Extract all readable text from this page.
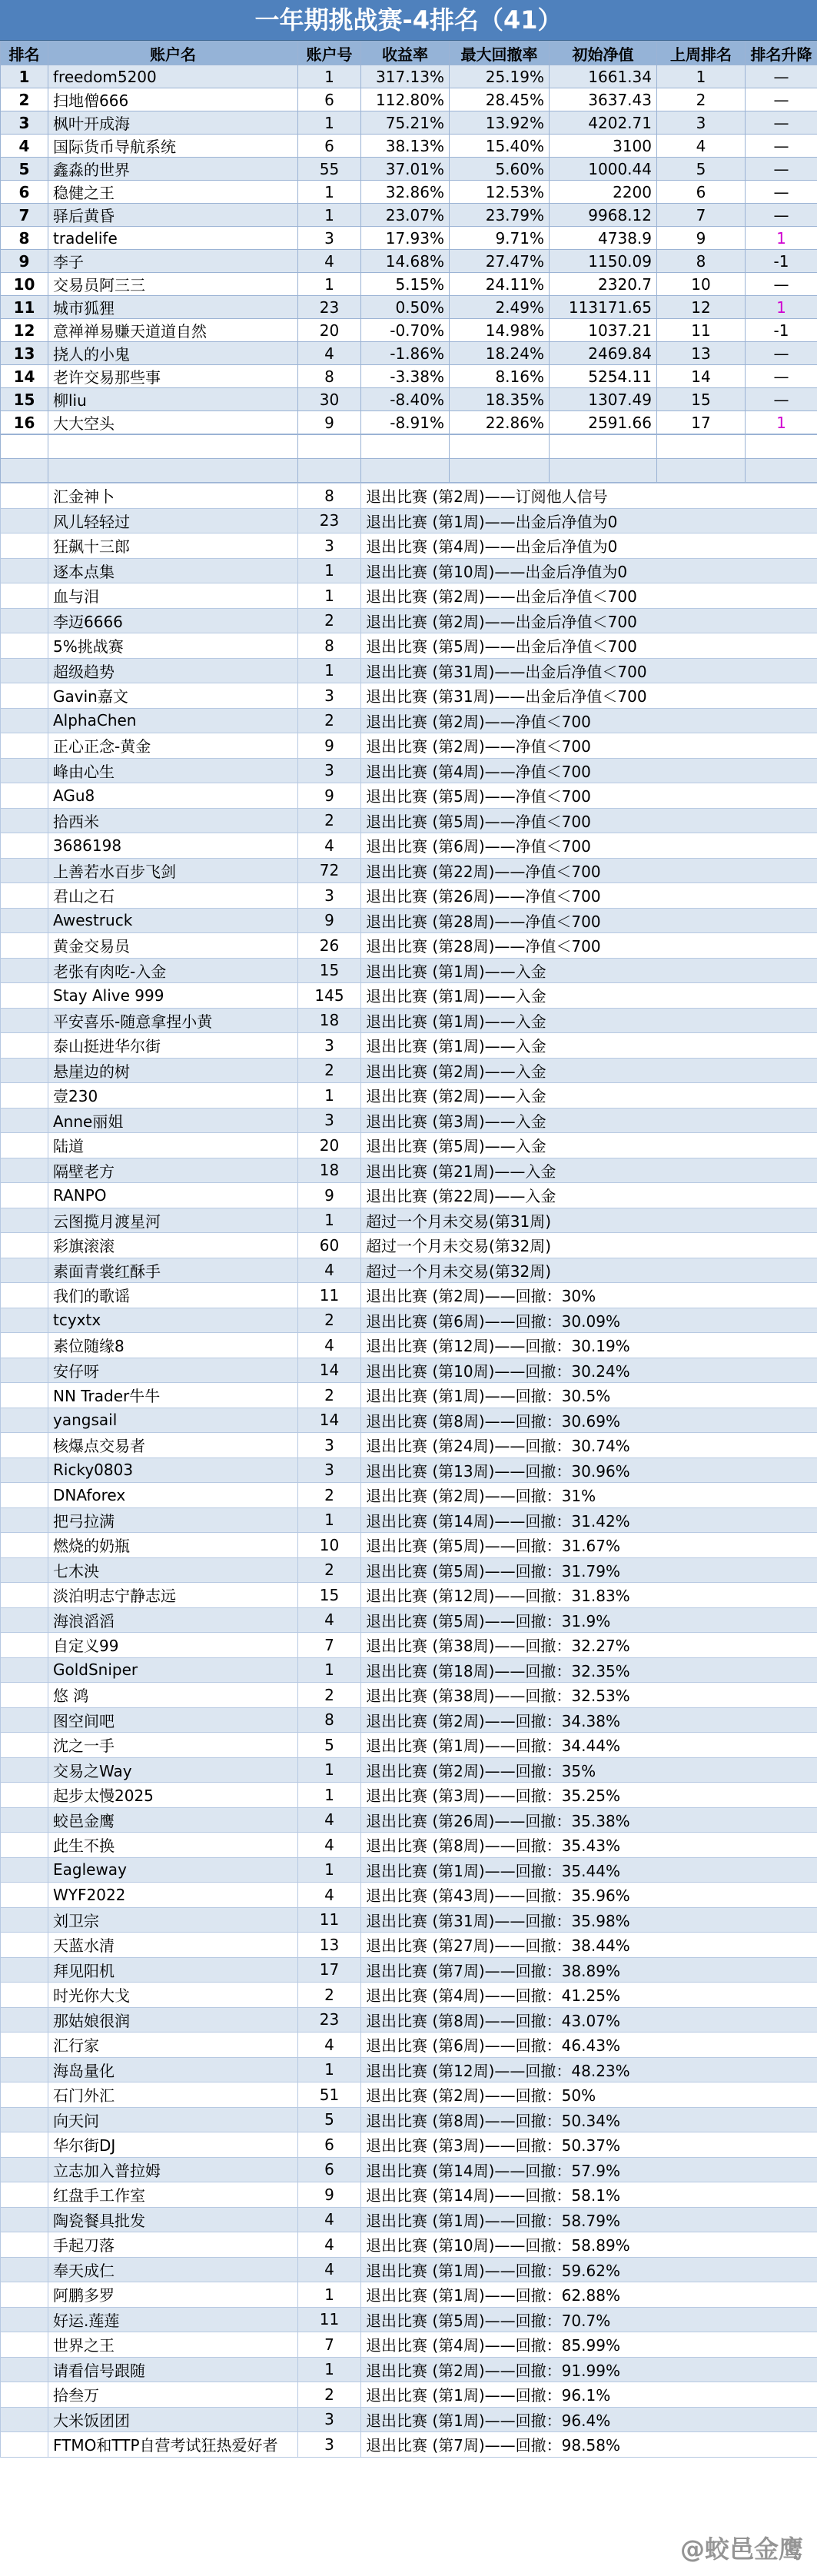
一年期挑战赛-4排名（41）
排名	账户名	账户号	收益率	最大回撤率	初始净值	上周排名	排名升降
1	freedom5200	1	317.13%	25.19%	1661.34	1	—
2	扫地僧666	6	112.80%	28.45%	3637.43	2	—
3	枫叶开成海	1	75.21%	13.92%	4202.71	3	—
4	国际货币导航系统	6	38.13%	15.40%	3100	4	—
5	鑫淼的世界	55	37.01%	5.60%	1000.44	5	—
6	稳健之王	1	32.86%	12.53%	2200	6	—
7	驿后黄昏	1	23.07%	23.79%	9968.12	7	—
8	tradelife	3	17.93%	9.71%	4738.9	9	1
9	李子	4	14.68%	27.47%	1150.09	8	-1
10	交易员阿三三	1	5.15%	24.11%	2320.7	10	—
11	城市狐狸	23	0.50%	2.49%	113171.65	12	1
12	意禅禅易赚天道道自然	20	-0.70%	14.98%	1037.21	11	-1
13	挠人的小鬼	4	-1.86%	18.24%	2469.84	13	—
14	老许交易那些事	8	-3.38%	8.16%	5254.11	14	—
15	柳liu	30	-8.40%	18.35%	1307.49	15	—
16	大大空头	9	-8.91%	22.86%	2591.66	17	1

	汇金神卜	8	退出比赛 (第2周)——订阅他人信号
	风儿轻轻过	23	退出比赛 (第1周)——出金后净值为0
	狂飙十三郎	3	退出比赛 (第4周)——出金后净值为0
	逐本点集	1	退出比赛 (第10周)——出金后净值为0
	血与泪	1	退出比赛 (第2周)——出金后净值＜700
	李迈6666	2	退出比赛 (第2周)——出金后净值＜700
	5%挑战赛	8	退出比赛 (第5周)——出金后净值＜700
	超级趋势	1	退出比赛 (第31周)——出金后净值＜700
	Gavin嘉文	3	退出比赛 (第31周)——出金后净值＜700
	AlphaChen	2	退出比赛 (第2周)——净值＜700
	正心正念-黄金	9	退出比赛 (第2周)——净值＜700
	峰由心生	3	退出比赛 (第4周)——净值＜700
	AGu8	9	退出比赛 (第5周)——净值＜700
	拾西米	2	退出比赛 (第5周)——净值＜700
	3686198	4	退出比赛 (第6周)——净值＜700
	上善若水百步飞剑	72	退出比赛 (第22周)——净值＜700
	君山之石	3	退出比赛 (第26周)——净值＜700
	Awestruck	9	退出比赛 (第28周)——净值＜700
	黄金交易员	26	退出比赛 (第28周)——净值＜700
	老张有肉吃-入金	15	退出比赛 (第1周)——入金
	Stay Alive 999	145	退出比赛 (第1周)——入金
	平安喜乐-随意拿捏小黄	18	退出比赛 (第1周)——入金
	泰山挺进华尔街	3	退出比赛 (第1周)——入金
	悬崖边的树	2	退出比赛 (第2周)——入金
	壹230	1	退出比赛 (第2周)——入金
	Anne丽姐	3	退出比赛 (第3周)——入金
	陆道	20	退出比赛 (第5周)——入金
	隔壁老方	18	退出比赛 (第21周)——入金
	RANPO	9	退出比赛 (第22周)——入金
	云图揽月渡星河	1	超过一个月未交易(第31周)
	彩旗滚滚	60	超过一个月未交易(第32周)
	素面青裳红酥手	4	超过一个月未交易(第32周)
	我们的歌谣	11	退出比赛 (第2周)——回撤：30%
	tcyxtx	2	退出比赛 (第6周)——回撤：30.09%
	素位随缘8	4	退出比赛 (第12周)——回撤：30.19%
	安仔呀	14	退出比赛 (第10周)——回撤：30.24%
	NN Trader牛牛	2	退出比赛 (第1周)——回撤：30.5%
	yangsail	14	退出比赛 (第8周)——回撤：30.69%
	核爆点交易者	3	退出比赛 (第24周)——回撤：30.74%
	Ricky0803	3	退出比赛 (第13周)——回撤：30.96%
	DNAforex	2	退出比赛 (第2周)——回撤：31%
	把弓拉满	1	退出比赛 (第14周)——回撤：31.42%
	燃烧的奶瓶	10	退出比赛 (第5周)——回撤：31.67%
	七木泱	2	退出比赛 (第5周)——回撤：31.79%
	淡泊明志宁静志远	15	退出比赛 (第12周)——回撤：31.83%
	海浪滔滔	4	退出比赛 (第5周)——回撤：31.9%
	自定义99	7	退出比赛 (第38周)——回撤：32.27%
	GoldSniper	1	退出比赛 (第18周)——回撤：32.35%
	悠 鸿	2	退出比赛 (第38周)——回撤：32.53%
	图空间吧	8	退出比赛 (第2周)——回撤：34.38%
	沈之一手	5	退出比赛 (第1周)——回撤：34.44%
	交易之Way	1	退出比赛 (第2周)——回撤：35%
	起步太慢2025	1	退出比赛 (第3周)——回撤：35.25%
	蛟邑金鹰	4	退出比赛 (第26周)——回撤：35.38%
	此生不换	4	退出比赛 (第8周)——回撤：35.43%
	Eagleway	1	退出比赛 (第1周)——回撤：35.44%
	WYF2022	4	退出比赛 (第43周)——回撤：35.96%
	刘卫宗	11	退出比赛 (第31周)——回撤：35.98%
	天蓝水清	13	退出比赛 (第27周)——回撤：38.44%
	拜见阳机	17	退出比赛 (第7周)——回撤：38.89%
	时光你大戈	2	退出比赛 (第4周)——回撤：41.25%
	那姑娘很润	23	退出比赛 (第8周)——回撤：43.07%
	汇行家	4	退出比赛 (第6周)——回撤：46.43%
	海岛量化	1	退出比赛 (第12周)——回撤：48.23%
	石门外汇	51	退出比赛 (第2周)——回撤：50%
	向天问	5	退出比赛 (第8周)——回撤：50.34%
	华尔街DJ	6	退出比赛 (第3周)——回撤：50.37%
	立志加入普拉姆	6	退出比赛 (第14周)——回撤：57.9%
	红盘手工作室	9	退出比赛 (第14周)——回撤：58.1%
	陶瓷餐具批发	4	退出比赛 (第1周)——回撤：58.79%
	手起刀落	4	退出比赛 (第10周)——回撤：58.89%
	奉天成仁	4	退出比赛 (第1周)——回撤：59.62%
	阿鹏多罗	1	退出比赛 (第1周)——回撤：62.88%
	好运.莲莲	11	退出比赛 (第5周)——回撤：70.7%
	世界之王	7	退出比赛 (第4周)——回撤：85.99%
	请看信号跟随	1	退出比赛 (第2周)——回撤：91.99%
	拾叁万	2	退出比赛 (第1周)——回撤：96.1%
	大米饭团团	3	退出比赛 (第1周)——回撤：96.4%
	FTMO和TTP自营考试狂热爱好者	3	退出比赛 (第7周)——回撤：98.58%
@蛟邑金鹰
